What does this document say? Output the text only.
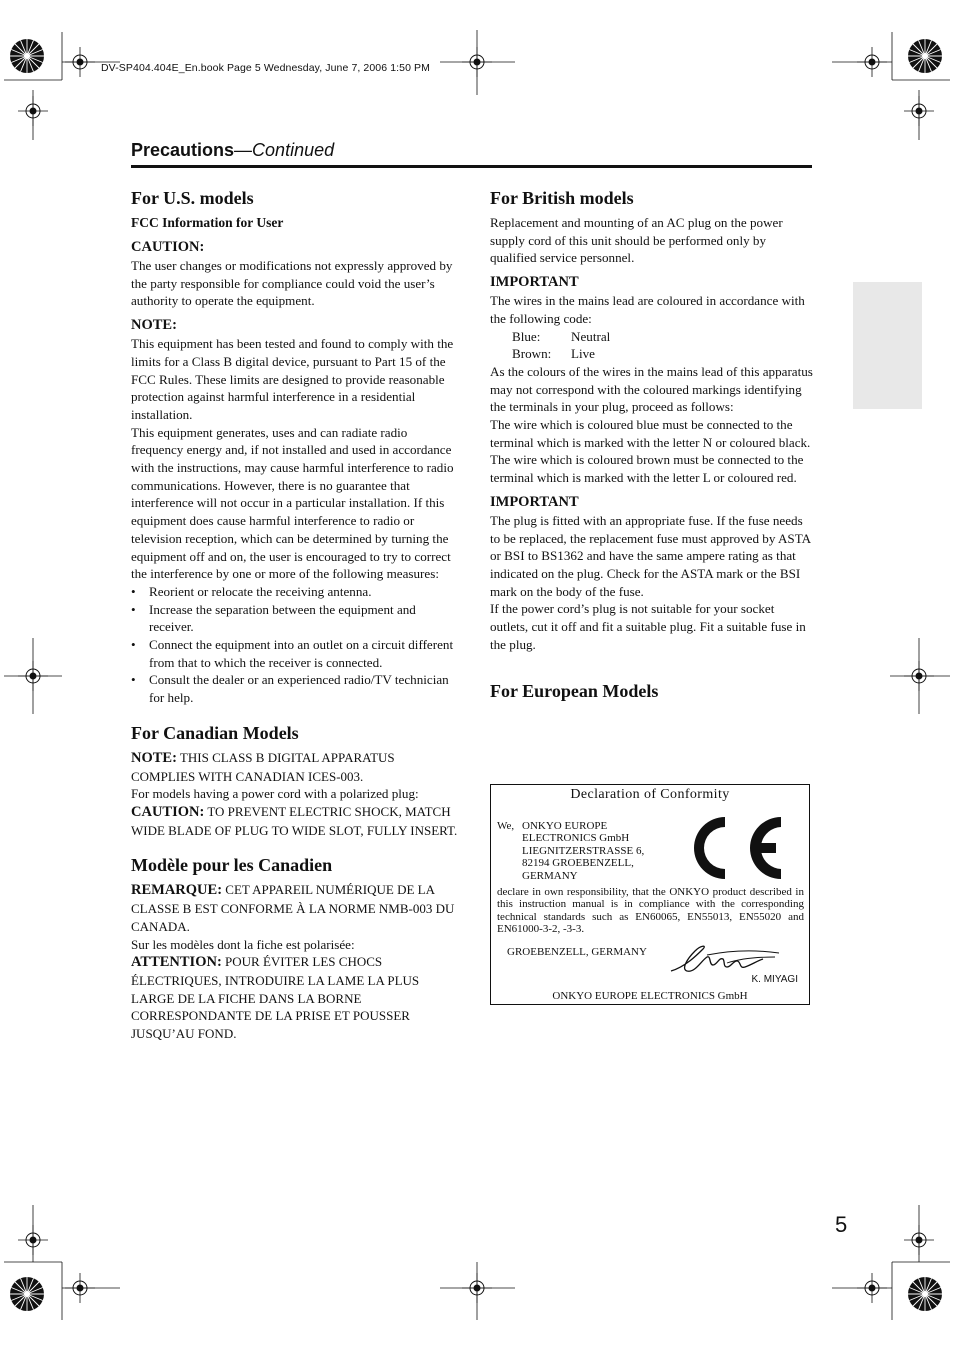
DV-SP404.404E_En.book Page 5 Wednesday, June 7, 2006 1:50 PM
Precautions—Continued
For U.S. models
FCC Information for User
CAUTION:

The user changes or modifications not expressly approved by the party responsible for compliance could void the user’s authority to operate the equipment.

NOTE:

This equipment has been tested and found to comply with the limits for a Class B digital device, pursuant to Part 15 of the FCC Rules. These limits are designed to provide reasonable protection against harmful interference in a residential installation.

This equipment generates, uses and can radiate radio frequency energy and, if not installed and used in accordance with the instructions, may cause harmful interference to radio communications. However, there is no guarantee that interference will not occur in a particular installation. If this equipment does cause harmful interference to radio or television reception, which can be determined by turning the equipment off and on, the user is encouraged to try to correct the interference by one or more of the following measures:

• Reorient or relocate the receiving antenna.
• Increase the separation between the equipment and receiver.
• Connect the equipment into an outlet on a circuit different from that to which the receiver is connected.
• Consult the dealer or an experienced radio/TV technician for help.
For Canadian Models

NOTE: THIS CLASS B DIGITAL APPARATUS COMPLIES WITH CANADIAN ICES-003.

For models having a power cord with a polarized plug:

CAUTION: TO PREVENT ELECTRIC SHOCK, MATCH WIDE BLADE OF PLUG TO WIDE SLOT, FULLY INSERT.

Modèle pour les Canadien

REMARQUE: CET APPAREIL NUMÉRIQUE DE LA CLASSE B EST CONFORME À LA NORME NMB-003 DU CANADA.

Sur les modèles dont la fiche est polarisée:

ATTENTION: POUR ÉVITER LES CHOCS ÉLECTRIQUES, INTRODUIRE LA LAME LA PLUS LARGE DE LA FICHE DANS LA BORNE CORRESPONDANTE DE LA PRISE ET POUSSER JUSQU’AU FOND.

For British models

Replacement and mounting of an AC plug on the power supply cord of this unit should be performed only by qualified service personnel.

IMPORTANT

The wires in the mains lead are coloured in accordance with the following code:

Blue: Neutral
Brown: Live

As the colours of the wires in the mains lead of this apparatus may not correspond with the coloured markings identifying the terminals in your plug, proceed as follows:

The wire which is coloured blue must be connected to the terminal which is marked with the letter N or coloured black.

The wire which is coloured brown must be connected to the terminal which is marked with the letter L or coloured red.

IMPORTANT

The plug is fitted with an appropriate fuse. If the fuse needs to be replaced, the replacement fuse must approved by ASTA or BSI to BS1362 and have the same ampere rating as that indicated on the plug. Check for the ASTA mark or the BSI mark on the body of the fuse.

If the power cord’s plug is not suitable for your socket outlets, cut it off and fit a suitable plug. Fit a suitable fuse in the plug.

For European Models
Declaration of Conformity
We, ONKYO EUROPE
ELECTRONICS GmbH
LIEGNITZERSTRASSE 6,
82194 GROEBENZELL,
GERMANY
declare in own responsibility, that the ONKYO product described in this instruction manual is in compliance with the corresponding technical standards such as EN60065, EN55013, EN55020 and EN61000-3-2, -3-3.
GROEBENZELL, GERMANY
K. MIYAGI
ONKYO EUROPE ELECTRONICS GmbH
5
